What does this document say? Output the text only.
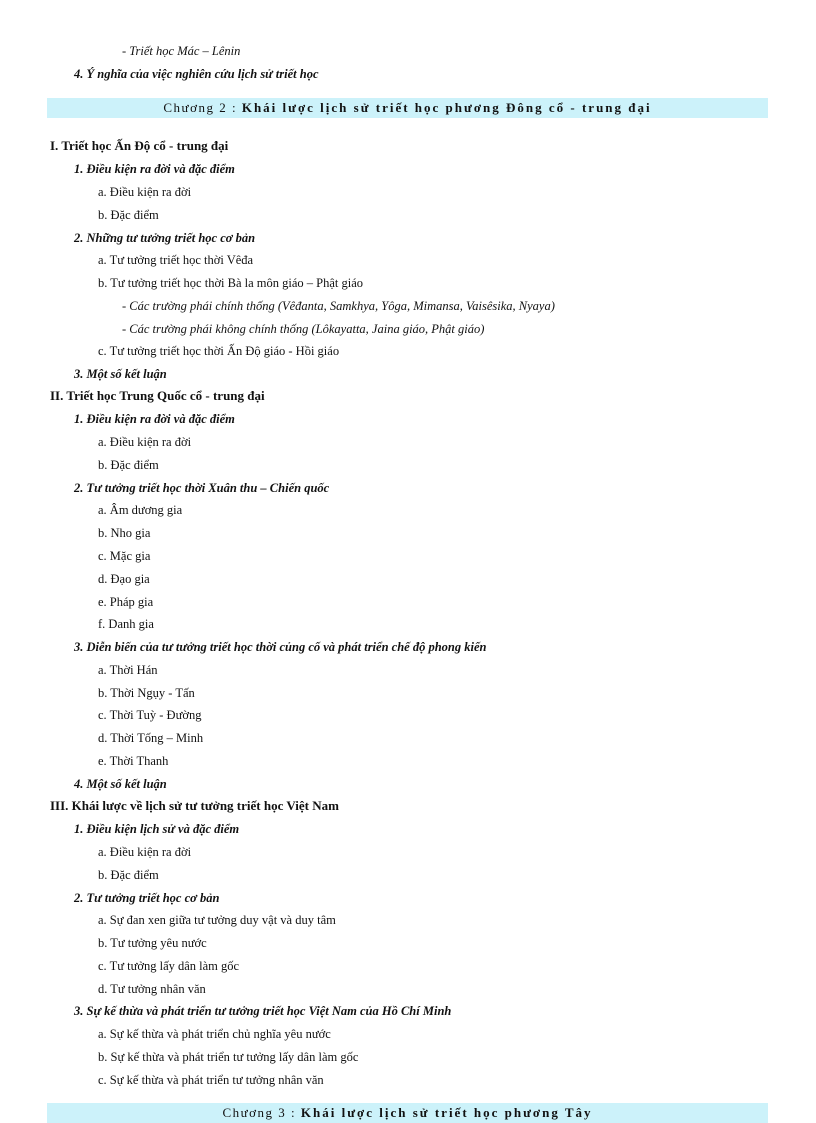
- Triết học Mác – Lênin
4. Ý nghĩa của việc nghiên cứu lịch sử triết học
Chương 2 : Khái lược lịch sử triết học phương Đông cổ - trung đại
I. Triết học Ấn Độ cổ - trung đại
1. Điều kiện ra đời và đặc điểm
a. Điều kiện ra đời
b. Đặc điểm
2. Những tư tưởng triết học cơ bản
a. Tư tưởng triết học thời Vêđa
b. Tư tưởng triết học thời Bà la môn giáo – Phật giáo
- Các trường phái chính thống (Vêđanta, Samkhya, Yôga, Mimansa, Vaisêsika, Nyaya)
- Các trường phái không chính thống (Lôkayatta, Jaina giáo, Phật giáo)
c. Tư tưởng triết học thời Ấn Độ giáo - Hồi giáo
3. Một số kết luận
II. Triết học Trung Quốc cổ - trung đại
1. Điều kiện ra đời và đặc điểm
a. Điều kiện ra đời
b. Đặc điểm
2. Tư tưởng triết học thời Xuân thu – Chiến quốc
a. Âm dương gia
b. Nho gia
c. Mặc gia
d. Đạo gia
e. Pháp gia
f. Danh gia
3. Diễn biến của tư tưởng triết học thời củng cố và phát triển chế độ phong kiến
a. Thời Hán
b. Thời Ngụy - Tấn
c. Thời Tuỳ - Đường
d. Thời Tống – Minh
e. Thời Thanh
4. Một số kết luận
III. Khái lược về lịch sử tư tưởng triết học Việt Nam
1. Điều kiện lịch sử và đặc điểm
a. Điều kiện ra đời
b. Đặc điểm
2. Tư tưởng triết học cơ bản
a. Sự đan xen giữa tư tưởng duy vật và duy tâm
b. Tư tưởng yêu nước
c. Tư tưởng lấy dân làm gốc
d. Tư tưởng nhân văn
3. Sự kế thừa và phát triển tư tưởng triết học Việt Nam của Hồ Chí Minh
a. Sự kế thừa và phát triển chủ nghĩa yêu nước
b. Sự kế thừa và phát triển tư tưởng lấy dân làm gốc
c. Sự kế thừa và phát triển tư tưởng nhân văn
Chương 3 : Khái lược lịch sử triết học phương Tây
